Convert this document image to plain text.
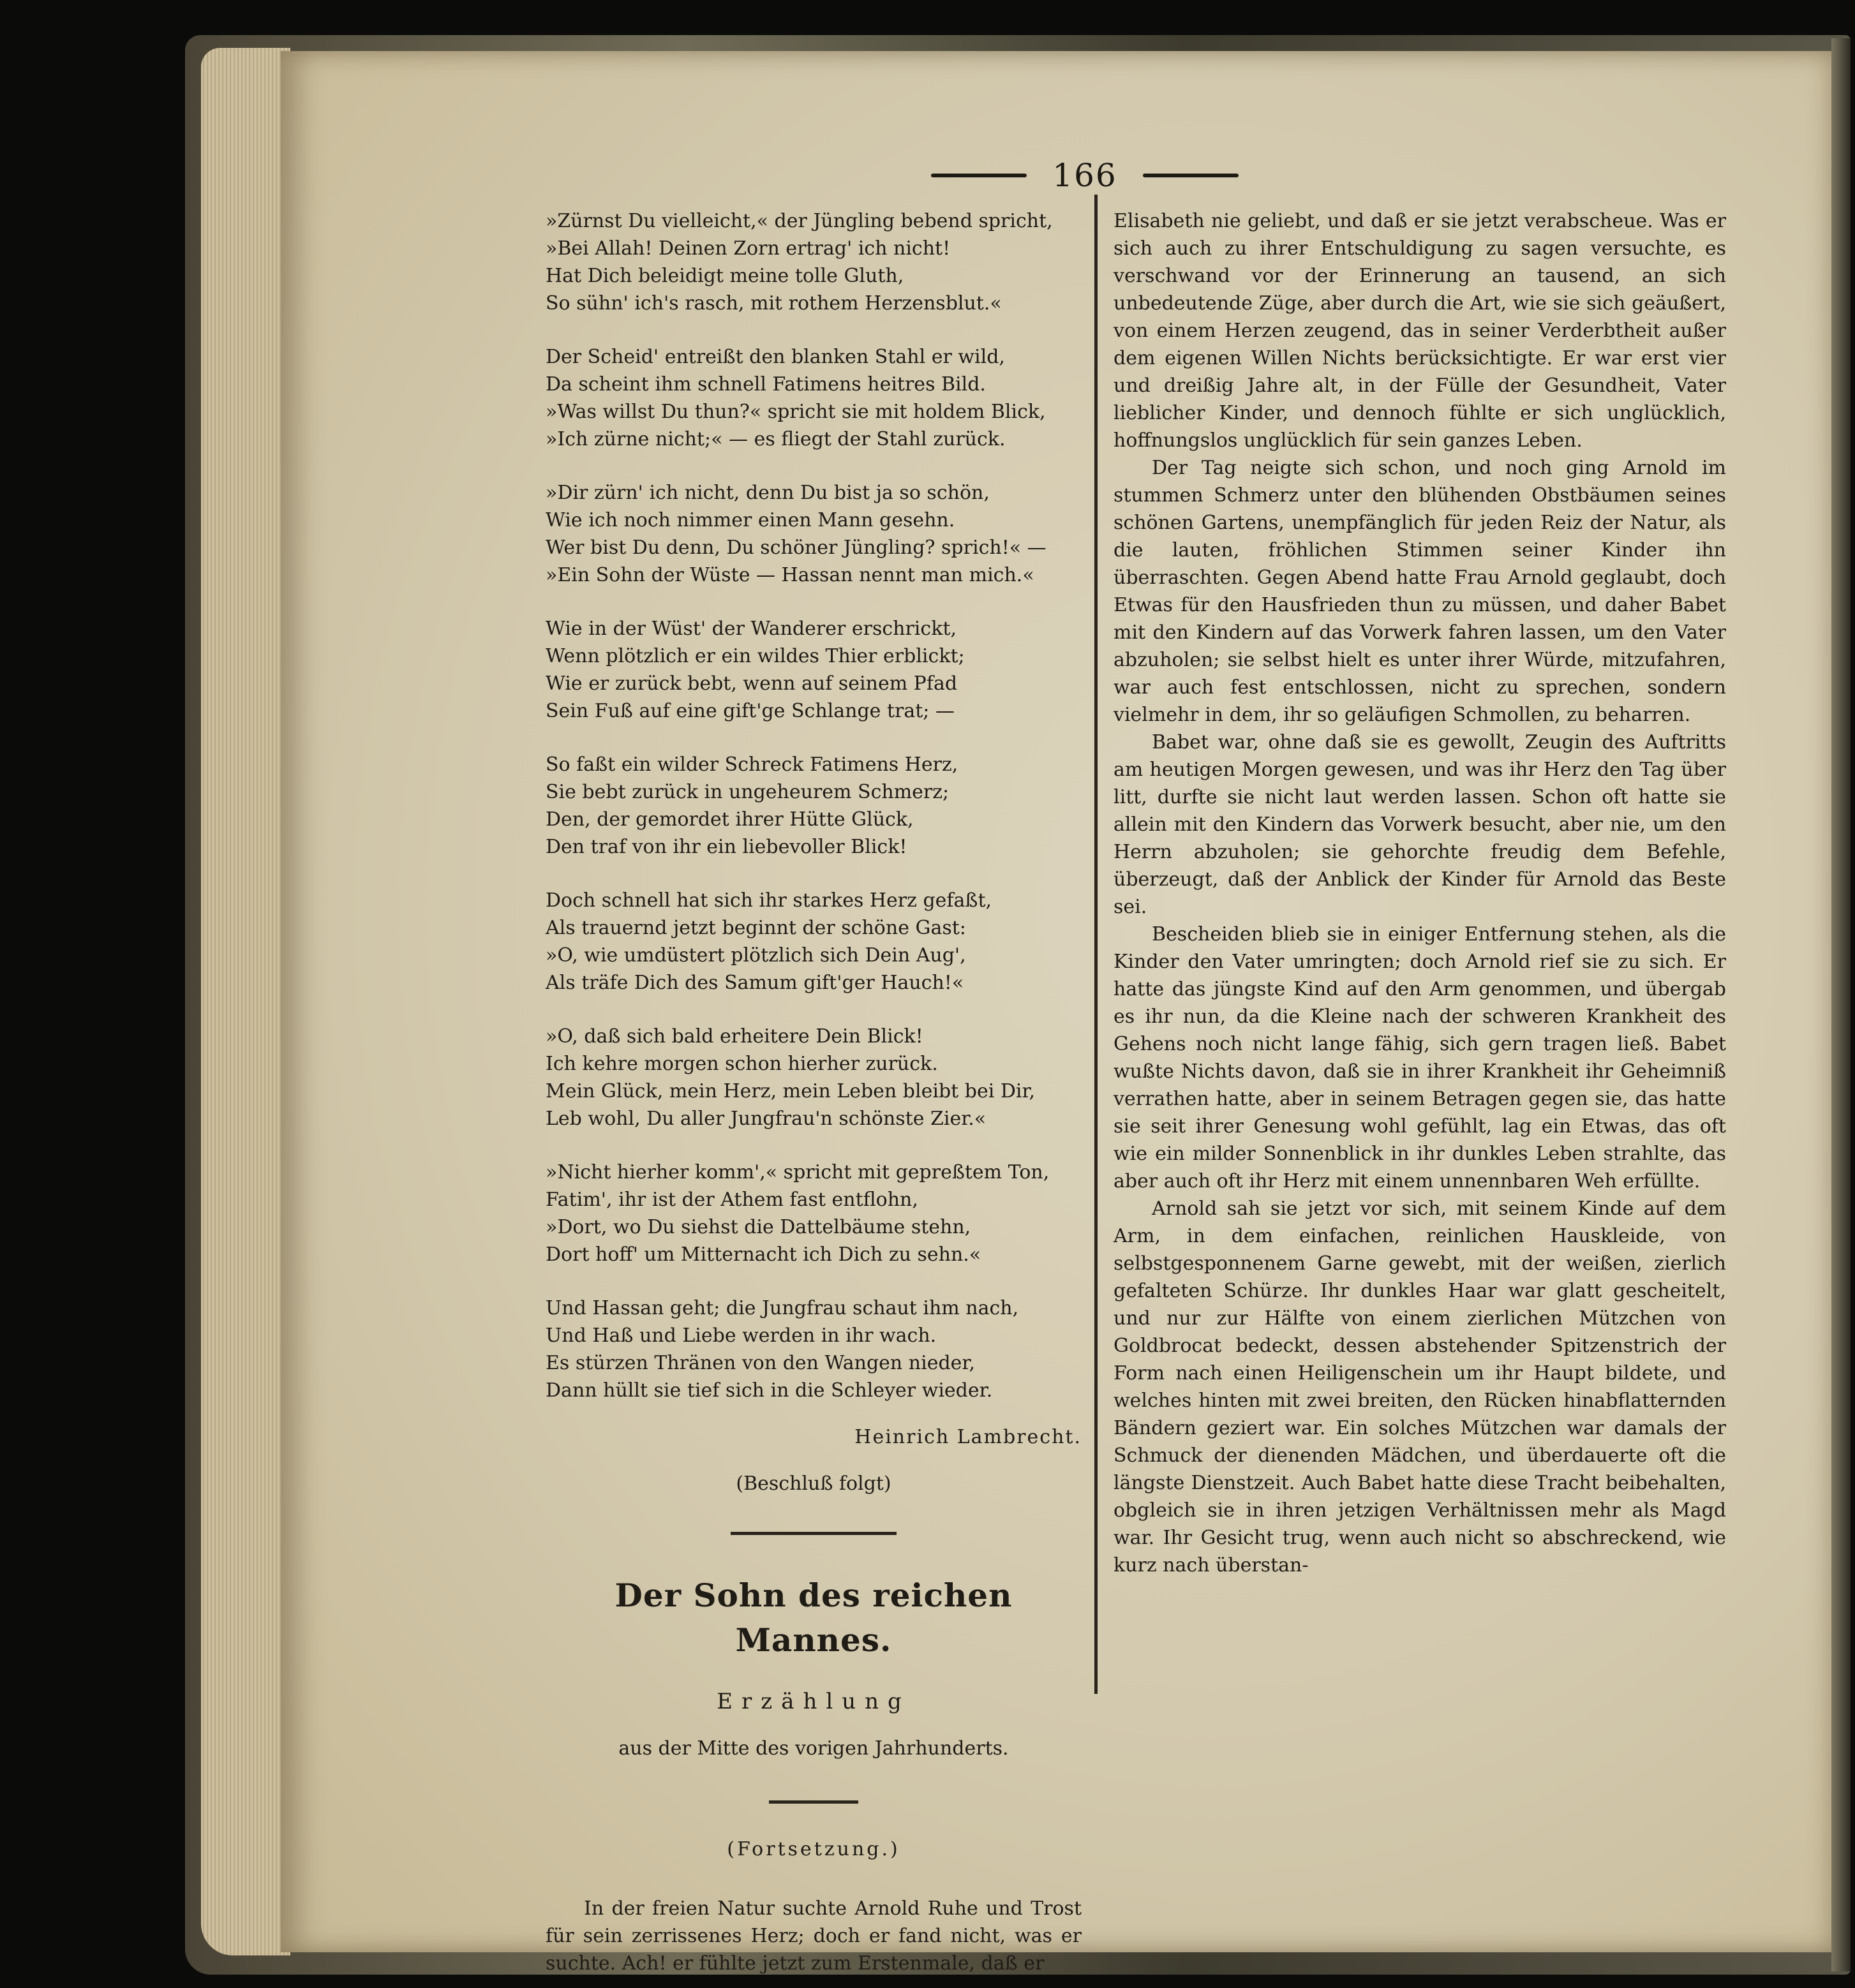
166
»Zürnst Du vielleicht,« der Jüngling bebend spricht,
»Bei Allah! Deinen Zorn ertrag' ich nicht!
Hat Dich beleidigt meine tolle Gluth,
So sühn' ich's rasch, mit rothem Herzensblut.«
Der Scheid' entreißt den blanken Stahl er wild,
Da scheint ihm schnell Fatimens heitres Bild.
»Was willst Du thun?« spricht sie mit holdem Blick,
»Ich zürne nicht;« — es fliegt der Stahl zurück.
»Dir zürn' ich nicht, denn Du bist ja so schön,
Wie ich noch nimmer einen Mann gesehn.
Wer bist Du denn, Du schöner Jüngling? sprich!« —
»Ein Sohn der Wüste — Hassan nennt man mich.«
Wie in der Wüst' der Wanderer erschrickt,
Wenn plötzlich er ein wildes Thier erblickt;
Wie er zurück bebt, wenn auf seinem Pfad
Sein Fuß auf eine gift'ge Schlange trat; —
So faßt ein wilder Schreck Fatimens Herz,
Sie bebt zurück in ungeheurem Schmerz;
Den, der gemordet ihrer Hütte Glück,
Den traf von ihr ein liebevoller Blick!
Doch schnell hat sich ihr starkes Herz gefaßt,
Als trauernd jetzt beginnt der schöne Gast:
»O, wie umdüstert plötzlich sich Dein Aug',
Als träfe Dich des Samum gift'ger Hauch!«
»O, daß sich bald erheitere Dein Blick!
Ich kehre morgen schon hierher zurück.
Mein Glück, mein Herz, mein Leben bleibt bei Dir,
Leb wohl, Du aller Jungfrau'n schönste Zier.«
»Nicht hierher komm',« spricht mit gepreßtem Ton,
Fatim', ihr ist der Athem fast entflohn,
»Dort, wo Du siehst die Dattelbäume stehn,
Dort hoff' um Mitternacht ich Dich zu sehn.«
Und Hassan geht; die Jungfrau schaut ihm nach,
Und Haß und Liebe werden in ihr wach.
Es stürzen Thränen von den Wangen nieder,
Dann hüllt sie tief sich in die Schleyer wieder.
Heinrich Lambrecht.
(Beschluß folgt)
Der Sohn des reichen Mannes.
Erzählung
aus der Mitte des vorigen Jahrhunderts.
(Fortsetzung.)

In der freien Natur suchte Arnold Ruhe und Trost für sein zerrissenes Herz; doch er fand nicht, was er suchte. Ach! er fühlte jetzt zum Erstenmale, daß er

Elisabeth nie geliebt, und daß er sie jetzt verabscheue. Was er sich auch zu ihrer Entschuldigung zu sagen versuchte, es verschwand vor der Erinnerung an tausend, an sich unbedeutende Züge, aber durch die Art, wie sie sich geäußert, von einem Herzen zeugend, das in seiner Verderbtheit außer dem eigenen Willen Nichts berücksichtigte. Er war erst vier und dreißig Jahre alt, in der Fülle der Gesundheit, Vater lieblicher Kinder, und dennoch fühlte er sich unglücklich, hoffnungslos unglücklich für sein ganzes Leben.

Der Tag neigte sich schon, und noch ging Arnold im stummen Schmerz unter den blühenden Obstbäumen seines schönen Gartens, unempfänglich für jeden Reiz der Natur, als die lauten, fröhlichen Stimmen seiner Kinder ihn überraschten. Gegen Abend hatte Frau Arnold geglaubt, doch Etwas für den Hausfrieden thun zu müssen, und daher Babet mit den Kindern auf das Vorwerk fahren lassen, um den Vater abzuholen; sie selbst hielt es unter ihrer Würde, mitzufahren, war auch fest entschlossen, nicht zu sprechen, sondern vielmehr in dem, ihr so geläufigen Schmollen, zu beharren.

Babet war, ohne daß sie es gewollt, Zeugin des Auftritts am heutigen Morgen gewesen, und was ihr Herz den Tag über litt, durfte sie nicht laut werden lassen. Schon oft hatte sie allein mit den Kindern das Vorwerk besucht, aber nie, um den Herrn abzuholen; sie gehorchte freudig dem Befehle, überzeugt, daß der Anblick der Kinder für Arnold das Beste sei.

Bescheiden blieb sie in einiger Entfernung stehen, als die Kinder den Vater umringten; doch Arnold rief sie zu sich. Er hatte das jüngste Kind auf den Arm genommen, und übergab es ihr nun, da die Kleine nach der schweren Krankheit des Gehens noch nicht lange fähig, sich gern tragen ließ. Babet wußte Nichts davon, daß sie in ihrer Krankheit ihr Geheimniß verrathen hatte, aber in seinem Betragen gegen sie, das hatte sie seit ihrer Genesung wohl gefühlt, lag ein Etwas, das oft wie ein milder Sonnenblick in ihr dunkles Leben strahlte, das aber auch oft ihr Herz mit einem unnennbaren Weh erfüllte.

Arnold sah sie jetzt vor sich, mit seinem Kinde auf dem Arm, in dem einfachen, reinlichen Hauskleide, von selbstgesponnenem Garne gewebt, mit der weißen, zierlich gefalteten Schürze. Ihr dunkles Haar war glatt gescheitelt, und nur zur Hälfte von einem zierlichen Mützchen von Goldbrocat bedeckt, dessen abstehender Spitzenstrich der Form nach einen Heiligenschein um ihr Haupt bildete, und welches hinten mit zwei breiten, den Rücken hinabflatternden Bändern geziert war. Ein solches Mützchen war damals der Schmuck der dienenden Mädchen, und überdauerte oft die längste Dienstzeit. Auch Babet hatte diese Tracht beibehalten, obgleich sie in ihren jetzigen Verhältnissen mehr als Magd war. Ihr Gesicht trug, wenn auch nicht so abschreckend, wie kurz nach überstan-
